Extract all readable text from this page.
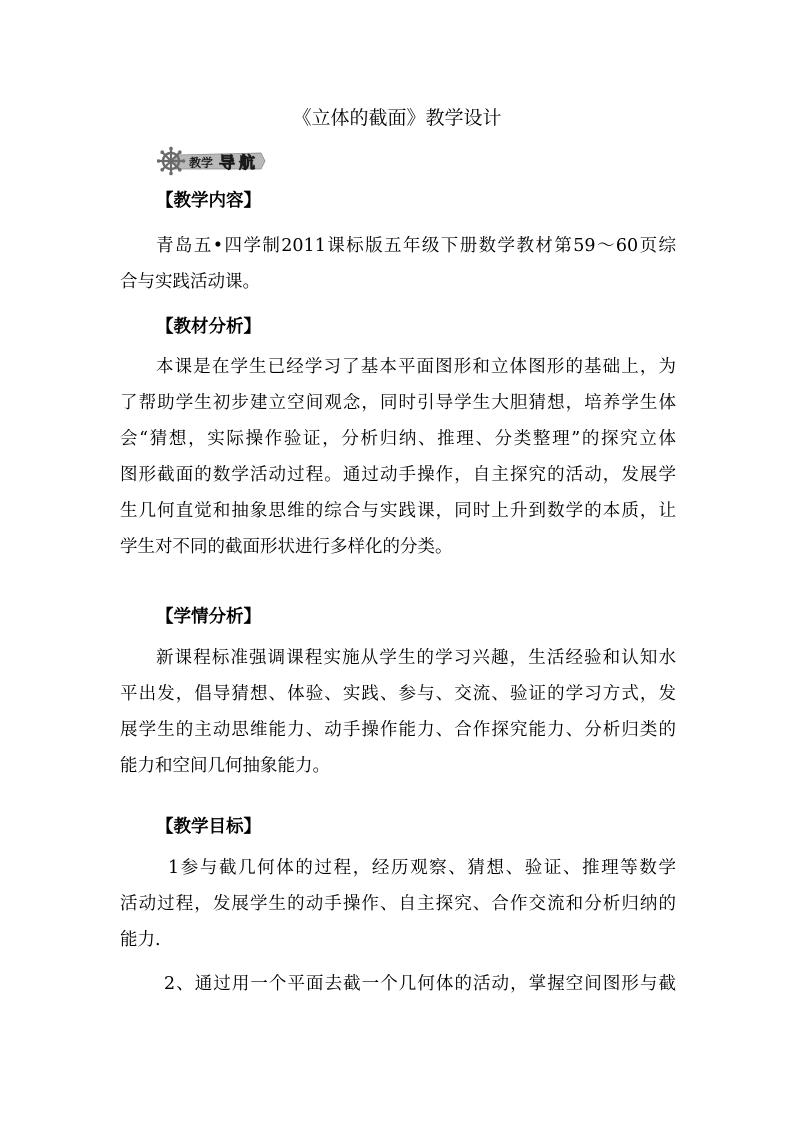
《立体的截面》教学设计
教学 导 航
【教学内容】
青岛五•四学制2011课标版五年级下册数学教材第59～60页综
合与实践活动课。
【教材分析】
本课是在学生已经学习了基本平面图形和立体图形的基础上，为
了帮助学生初步建立空间观念，同时引导学生大胆猜想，培养学生体
会“猜想，实际操作验证，分析归纳、推理、分类整理”的探究立体
图形截面的数学活动过程。通过动手操作，自主探究的活动，发展学
生几何直觉和抽象思维的综合与实践课，同时上升到数学的本质，让
学生对不同的截面形状进行多样化的分类。
【学情分析】
新课程标准强调课程实施从学生的学习兴趣，生活经验和认知水
平出发，倡导猜想、体验、实践、参与、交流、验证的学习方式，发
展学生的主动思维能力、动手操作能力、合作探究能力、分析归类的
能力和空间几何抽象能力。
【教学目标】
1参与截几何体的过程，经历观察、猜想、验证、推理等数学
活动过程，发展学生的动手操作、自主探究、合作交流和分析归纳的
能力.
2、通过用一个平面去截一个几何体的活动，掌握空间图形与截
